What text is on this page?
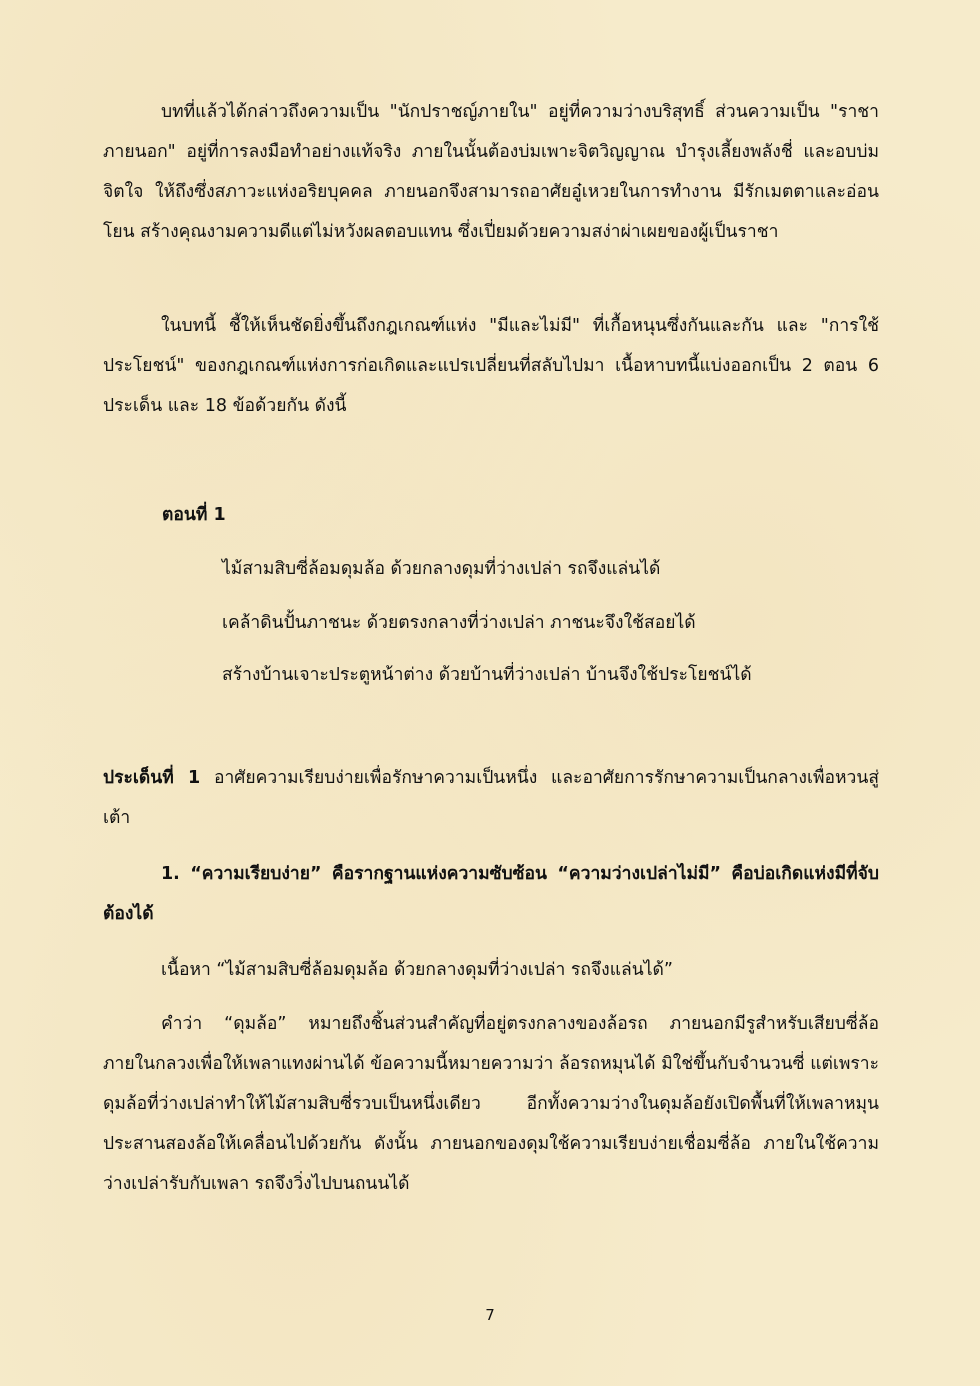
บทที่แล้วได้กล่าวถึงความเป็น "นักปราชญ์ภายใน" อยู่ที่ความว่างบริสุทธิ์ ส่วนความเป็น "ราชาภายนอก" อยู่ที่การลงมือทำอย่างแท้จริง ภายในนั้นต้องบ่มเพาะจิตวิญญาณ บำรุงเลี้ยงพลังชี่ และอบบ่มจิตใจ ให้ถึงซึ่งสภาวะแห่งอริยบุคคล ภายนอกจึงสามารถอาศัยอู๋เหวยในการทำงาน มีรักเมตตาและอ่อนโยน สร้างคุณงามความดีแต่ไม่หวังผลตอบแทน ซึ่งเปี่ยมด้วยความสง่าผ่าเผยของผู้เป็นราชา

ในบทนี้ ชี้ให้เห็นชัดยิ่งขึ้นถึงกฎเกณฑ์แห่ง "มีและไม่มี" ที่เกื้อหนุนซึ่งกันและกัน และ "การใช้ประโยชน์" ของกฎเกณฑ์แห่งการก่อเกิดและแปรเปลี่ยนที่สลับไปมา เนื้อหาบทนี้แบ่งออกเป็น 2 ตอน 6 ประเด็น และ 18 ข้อด้วยกัน ดังนี้

ตอนที่ 1

ไม้สามสิบซี่ล้อมดุมล้อ ด้วยกลางดุมที่ว่างเปล่า รถจึงแล่นได้

เคล้าดินปั้นภาชนะ ด้วยตรงกลางที่ว่างเปล่า ภาชนะจึงใช้สอยได้

สร้างบ้านเจาะประตูหน้าต่าง ด้วยบ้านที่ว่างเปล่า บ้านจึงใช้ประโยชน์ได้

ประเด็นที่ 1 อาศัยความเรียบง่ายเพื่อรักษาความเป็นหนึ่ง และอาศัยการรักษาความเป็นกลางเพื่อหวนสู่เต้า

1. “ความเรียบง่าย” คือรากฐานแห่งความซับซ้อน “ความว่างเปล่าไม่มี” คือบ่อเกิดแห่งมีที่จับต้องได้

เนื้อหา “ไม้สามสิบซี่ล้อมดุมล้อ ด้วยกลางดุมที่ว่างเปล่า รถจึงแล่นได้”

คำว่า “ดุมล้อ” หมายถึงชิ้นส่วนสำคัญที่อยู่ตรงกลางของล้อรถ ภายนอกมีรูสำหรับเสียบซี่ล้อ ภายในกลวงเพื่อให้เพลาแทงผ่านได้ ข้อความนี้หมายความว่า ล้อรถหมุนได้ มิใช่ขึ้นกับจำนวนซี่ แต่เพราะดุมล้อที่ว่างเปล่าทำให้ไม้สามสิบซี่รวบเป็นหนึ่งเดียว อีกทั้งความว่างในดุมล้อยังเปิดพื้นที่ให้เพลาหมุน ประสานสองล้อให้เคลื่อนไปด้วยกัน ดังนั้น ภายนอกของดุมใช้ความเรียบง่ายเชื่อมซี่ล้อ ภายในใช้ความว่างเปล่ารับกับเพลา รถจึงวิ่งไปบนถนนได้

7
